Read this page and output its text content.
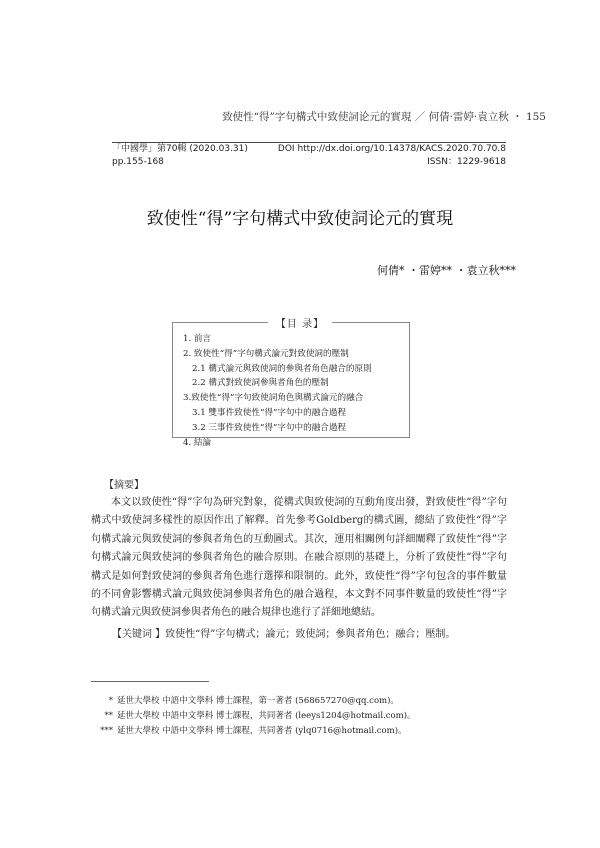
致使性“得”字句構式中致使詞论元的實現 ／ 何倩·雷婷·袁立秋 ・ 155
「中國學」第70輯 (2020.03.31)	DOI http://dx.doi.org/10.14378/KACS.2020.70.70.8
pp.155-168	ISSN：1229-9618
致使性“得”字句構式中致使詞论元的實現
何倩* ・雷婷** ・袁立秋***
【目 录】
1. 前言
2. 致使性“得”字句構式論元對致使詞的壓制
2.1 構式論元與致使詞的參與者角色融合的原則
2.2 構式對致使詞參與者角色的壓制
3.致使性“得”字句致使詞角色與構式論元的融合
3.1 雙事件致使性“得”字句中的融合過程
3.2 三事件致使性“得”字句中的融合過程
4. 結論
【摘要】
本文以致使性“得”字句為研究對象，從構式與致使詞的互動角度出發，對致使性“得”字句構式中致使詞多樣性的原因作出了解釋。首先參考Goldberg的構式圖，總結了致使性“得”字句構式論元與致使詞的參與者角色的互動圖式。其次，運用相關例句詳細闡釋了致使性“得”字句構式論元與致使詞的參與者角色的融合原則。在融合原則的基礎上，分析了致使性“得”字句構式是如何對致使詞的參與者角色進行選擇和限制的。此外，致使性“得”字句包含的事件數量的不同會影響構式論元與致使詞參與者角色的融合過程，本文對不同事件數量的致使性“得”字句構式論元與致使詞參與者角色的融合規律也進行了詳細地總結。
【关键词 】致使性“得”字句構式；論元；致使詞；參與者角色；融合；壓制。
* 延世大學校 中語中文學科 博士課程，第一著者 (568657270@qq.com)。
** 延世大學校 中語中文學科 博士課程，共同著者 (leeys1204@hotmail.com)。
*** 延世大學校 中語中文學科 博士課程，共同著者 (ylq0716@hotmail.com)。
